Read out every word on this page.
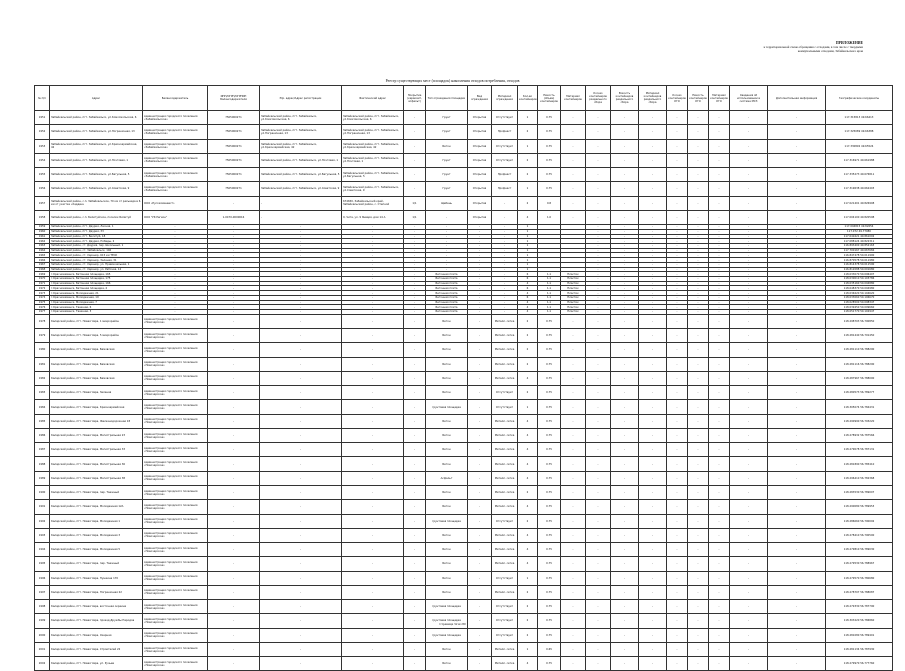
ПРИЛОЖЕНИЕ
к территориальной схеме обращения с отходами, в том числе с твердыми
коммунальными отходами, Забайкальского края
Реестр существующих мест (площадок) накопления отходов потребления, отходов
№ п/п	Адрес	Балансодержатель	ИНН/ОГРН/ОГРНИП Балансодержателя	Юр. адрес/Адрес регистрации	Фактический адрес	Покрытие (керамзит, асфальт)	Тип ограждения площадки	Вид ограждения	Материал ограждения	Кол-во контейнеров	Емкость (объем) контейнеров	Материал контейнеров	Кол-во контейнеров раздельного сбора	Емкость контейнеров раздельного сбора	Материал контейнеров раздельного сбора	Кол-во контейнеров КГО	Емкость контейнеров КГО	Материал контейнеров КГО	Сведения об использовании в системе МСЗ	Дополнительная информация	Географические координаты
1951	Забайкальский район, пгт. Забайкальск, ул.Комсомольская, 6	Администрация городского поселения «Забайкальское»	7505000271	Забайкальский район, пгт. Забайкальск, ул.Комсомольская, 6	Забайкальский район, пгт. Забайкальск, ул.Комсомольская, 6	-	Грунт	Открытая	Отсутствует	1	0.75	-	-	-	-	-	-	-	-	-	117.315813 49.66413
1952	Забайкальский район, пгт. Забайкальск, ул.Пограничная, 13	Администрация городского поселения «Забайкальское»	7505000271	Забайкальский район, пгт. Забайкальск, ул.Пограничная, 13	Забайкальский район, пгт. Забайкальск, ул.Пограничная, 13	-	Грунт	Открытая	Профнаст	2	0.75	-	-	-	-	-	-	-	-	-	117.325089 49.66388
1953	Забайкальский район, пгт. Забайкальск, ул.Красноармейская, 42	Администрация городского поселения «Забайкальское»	7505000271	Забайкальский район, пгт. Забайкальск, ул.Красноармейская, 42	Забайкальский район, пгт. Забайкальск, ул.Красноармейская, 42	-	Бетон	Открытая	Отсутствует	1	0.75	-	-	-	-	-	-	-	-	-	117.330892 49.65524
1954	Забайкальский район, пгт. Забайкальск, ул.Почтовая, 1	Администрация городского поселения «Забайкальское»	7505000271	Забайкальский район, пгт. Забайкальск, ул.Почтовая, 1	Забайкальский район, пгт. Забайкальск, ул.Почтовая, 1	-	Грунт	Открытая	Отсутствует	2	0.75	-	-	-	-	-	-	-	-	-	117.316971 49.661988
1955	Забайкальский район, пгт. Забайкальск, ул.Багульная, 5	Администрация городского поселения «Забайкальское»	7505000271	Забайкальский район, пгт. Забайкальск, ул.Багульная, 5	Забайкальский район, пгт. Забайкальск, ул.Багульная, 5	-	Грунт	Открытая	Профнаст	2	0.75	-	-	-	-	-	-	-	-	-	117.335273 49.676811
1956	Забайкальский район, пгт. Забайкальск, ул.Советская, 9	Администрация городского поселения «Забайкальское»	7505000271	Забайкальский район, пгт. Забайкальск, ул.Советская, 9	Забайкальский район, пгт. Забайкальск, ул.Советская, 9	-	Грунт	Открытая	Профнаст	1	0.75	-	-	-	-	-	-	-	-	-	117.319638 49.662403
1957	Забайкальский район, с.п. Забайкальское, 70 км от разъезда в 6 км от участка «Хаддан»	ООО «Руссахминвест»	-	-	674650, Забайкальский край, Забайкальский район, с. Степной	1/1	Щебень	Открытая	-	2	0.8	-	-	-	-	-	-	-	-	-	117.021401 49.826908
1958	Забайкальский район, с.п. Билитуйское, поселок Билитуй	ООО "УК Регион"	1-0470-0000016	-	9, Чита, ул. 9 Января, дом 14 А	1/1	-	Открытая	-	4	1.0	-	-	-	-	-	-	-	-	-	117.004100 49.820598
1959	Забайкальский район, пгт. Даурия, Лесная, 1	-	-	-	-	-	-	-	-	1			-	-	-	-	-	-	-	-	117.094815 49.82654
1960	Забайкальский район, пгт. Даурия, 33	-	-	-	-	-	-	-	-	1			-	-	-	-	-	-	-	-	117.072 49.77080
1961	Забайкальский район, пгт. Билитуй, 18	-	-	-	-	-	-	-	-	1			-	-	-	-	-	-	-	-	117.041621 49.861002
1962	Забайкальский район, пгт. Даурия, Победы, 2	-	-	-	-	-	-	-	-	1			-	-	-	-	-	-	-	-	117.088124 49.822311
1963	Забайкальский район, ст. Даурия, пер. Школьный, 1	-	-	-	-	-	-	-	-	1			-	-	-	-	-	-	-	-	116.893400 49.852163
1964	Забайкальский район, ст. Забайкальск, 146	-	-	-	-	-	-	-	-	1			-	-	-	-	-	-	-	-	117.700167 49.667684
1965	Забайкальский район, ст. Харанор, 615 км ТЕСК	-	-	-	-	-	-	-	-	1			-	-	-	-	-	-	-	-	116.847478 50.011900
1966	Забайкальский район, ст. Харанор, Зеленая, 31	-	-	-	-	-	-	-	-	1			-	-	-	-	-	-	-	-	116.870578 50.011980
1967	Забайкальский район, ст. Харанор, ул. Привокзальная, 1	-	-	-	-	-	-	-	-	1			-	-	-	-	-	-	-	-	116.814378 50.011590
1968	Забайкальский район, ст. Харанор, ул. Рабочая, 14	-	-	-	-	-	-	-	-	1			-	-	-	-	-	-	-	-	116.812088 50.001680
1969	г.Краснокаменск, Бетонная площадка, 165	-	-	-	-	-	Бетонная плита	-	-	6	1.1	Пластик	-	-	-	-	-	-	-	-	118.033070 50.096407
1970	г.Краснокаменск, Бетонная площадка, 175	-	-	-	-	-	Бетонная плита	-	-	6	1.1	Пластик	-	-	-	-	-	-	-	-	118.030010 50.103786
1971	г.Краснокаменск, Бетонная площадка, 166	-	-	-	-	-	Бетонная плита	-	-	4	1.1	Пластик	-	-	-	-	-	-	-	-	118.035160 50.094880
1972	г.Краснокаменск, Бетонная площадка, 4	-	-	-	-	-	Бетонная плита	-	-	6	1.1	Пластик	-	-	-	-	-	-	-	-	118.048370 50.094980
1973	г.Краснокаменск, Молодежная, 21	-	-	-	-	-	Бетонная плита	-	-	4	1.1	Пластик	-	-	-	-	-	-	-	-	118.034620 50.104620
1974	г.Краснокаменск, Молодежная, 19	-	-	-	-	-	Бетонная плита	-	-	6	1.1	Пластик	-	-	-	-	-	-	-	-	118.033060 50.106670
1975	г.Краснокаменск, Молодежная, 7	-	-	-	-	-	Бетонная плита	-	-	4	1.1	Пластик	-	-	-	-	-	-	-	-	118.028500 50.098347
1976	г.Краснокаменск, Таежная, 6	-	-	-	-	-	Бетонная плита	-	-	4	1.1	Пластик	-	-	-	-	-	-	-	-	118.039450 50.099660
1977	г.Краснокаменск, Таежная, 3	-	-	-	-	-	Бетонная плита	-	-	4	1.1	Пластик	-	-	-	-	-	-	-	-	118.051770 50.102947
1978	Каларский район, пгт. Новая Чара, 1 микрорайон	Администрация городского поселения «Новочарское»	-	-	-	-	Бетон	-	Металл. сетка	2	0.75	-	-	-	-	-	-	-	-	-	118.298703 56.790850
1979	Каларский район, пгт. Новая Чара, 5 микрорайон	Администрация городского поселения «Новочарское»	-	-	-	-	Бетон	-	Металл. сетка	2	0.75	-	-	-	-	-	-	-	-	-	118.281440 56.791450
1980	Каларский район, пгт. Новая Чара, Бамовская	Администрация городского поселения «Новочарское»	-	-	-	-	Бетон	-	Металл. сетка	2	0.75	-	-	-	-	-	-	-	-	-	118.281110 56.788290
1981	Каларский район, пгт. Новая Чара, Бамовская	Администрация городского поселения «Новочарское»	-	-	-	-	Бетон	-	Металл. сетка	2	0.75	-	-	-	-	-	-	-	-	-	118.281116 56.788290
1982	Каларский район, пгт. Новая Чара, Бамовская	Администрация городского поселения «Новочарское»	-	-	-	-	Бетон	-	Металл. сетка	4	0.75	-	-	-	-	-	-	-	-	-	118.287967 56.788000
1983	Каларский район, пгт. Новая Чара, Зеленая	Администрация городского поселения «Новочарское»	-	-	-	-	Бетон	-	Отсутствует	2	0.75	-	-	-	-	-	-	-	-	-	118.280573 56.789277
1984	Каларский район, пгт. Новая Чара, Красноармейская	Администрация городского поселения «Новочарское»	-	-	-	-	грунтовая площадка	-	Отсутствует	1	0.75	-	-	-	-	-	-	-	-	-	118.305074 56.784431
1985	Каларский район, пгт. Новая Чара, Железнодорожная 18	Администрация городского поселения «Новочарское»	-	-	-	-	Бетон	-	Металл. сетка	4	0.75	-	-	-	-	-	-	-	-	-	118.290990 56.793220
1986	Каларский район, пгт. Новая Чара, Магистральная 23	Администрация городского поселения «Новочарское»	-	-	-	-	Бетон	-	Металл. сетка	4	0.75	-	-	-	-	-	-	-	-	-	118.278932 56.787566
1987	Каларский район, пгт. Новая Чара, Магистральная 33	Администрация городского поселения «Новочарское»	-	-	-	-	Бетон	-	Металл. сетка	4	0.75	-	-	-	-	-	-	-	-	-	118.279078 56.787131
1988	Каларский район, пгт. Новая Чара, Магистральная 36	Администрация городского поселения «Новочарское»	-	-	-	-	Бетон	-	Металл. сетка	4	0.75	-	-	-	-	-	-	-	-	-	118.281890 56.785410
1989	Каларский район, пгт. Новая Чара, Магистральная 38	Администрация городского поселения «Новочарское»	-	-	-	-	Асфальт	-	Металл. сетка	4	0.75	-	-	-	-	-	-	-	-	-	118.296410 56.782368
1990	Каларский район, пгт. Новая Чара, пер. Таежный	Администрация городского поселения «Новочарское»	-	-	-	-	Бетон	-	Металл. сетка	2	0.75	-	-	-	-	-	-	-	-	-	118.283530 56.789007
1991	Каларский район, пгт. Новая Чара, Молодежная 12А	Администрация городского поселения «Новочарское»	-	-	-	-	Бетон	-	Металл. сетка	4	0.75	-	-	-	-	-	-	-	-	-	118.290080 56.789953
1992	Каларский район, пгт. Новая Чара, Молодежная 1	Администрация городского поселения «Новочарское»	-	-	-	-	грунтовая площадка	-	Отсутствует	2	0.75	-	-	-	-	-	-	-	-	-	118.286060 56.790092
1993	Каларский район, пгт. Новая Чара, Молодежная 3	Администрация городского поселения «Новочарское»	-	-	-	-	Бетон	-	Металл. сетка	4	0.75	-	-	-	-	-	-	-	-	-	118.278410 56.790500
1994	Каларский район, пгт. Новая Чара, Молодежная 5	Администрация городского поселения «Новочарское»	-	-	-	-	Бетон	-	Металл. сетка	4	0.75	-	-	-	-	-	-	-	-	-	118.279810 56.789030
1995	Каларский район, пгт. Новая Чара, пер. Таежный	Администрация городского поселения «Новочарское»	-	-	-	-	Бетон	-	Металл. сетка	4	0.75	-	-	-	-	-	-	-	-	-	118.279530 56.788967
1996	Каларский район, пгт. Новая Чара, Пушкина 170	Администрация городского поселения «Новочарское»	-	-	-	-	Бетон	-	Отсутствует	1	0.75	-	-	-	-	-	-	-	-	-	118.279570 56.780680
1997	Каларский район, пгт. Новая Чара, Пограничная 22	Администрация городского поселения «Новочарское»	-	-	-	-	Бетон	-	Металл. сетка	2	0.75	-	-	-	-	-	-	-	-	-	118.278707 56.788087
1998	Каларский район, пгт. Новая Чара, восточная окраина	Администрация городского поселения «Новочарское»	-	-	-	-	грунтовая площадка	-	Отсутствует	2	0.75	-	-	-	-	-	-	-	-	-	118.279330 56.787790
1999	Каларский район, пгт. Новая Чара, проезд Дружбы Народов	Администрация городского поселения «Новочарское»	-	-	-	-	грунтовая площадка	-	Отсутствует	2	0.75	-	-	-	-	-	-	-	-	-	118.303220 56.786860
2000	Каларский район, пгт. Новая Чара, Озерная	Администрация городского поселения «Новочарское»	-	-	-	-	грунтовая площадка	-	Отсутствует	2	0.75	-	-	-	-	-	-	-	-	-	118.281080 56.789401
2001	Каларский район, пгт. Новая Чара, Строителей 22	Администрация городского поселения «Новочарское»	-	-	-	-	Бетон	-	Металл. сетка	1	0.65	-	-	-	-	-	-	-	-	-	118.281134 56.787930
2002	Каларский район, пгт. Новая Чара, ул. Ручьев	Администрация городского поселения «Новочарское»	-	-	-	-	Бетон	-	Металл. сетка	4	0.75	-	-	-	-	-	-	-	-	-	118.279970 56.777760
Страница 32 из 80
